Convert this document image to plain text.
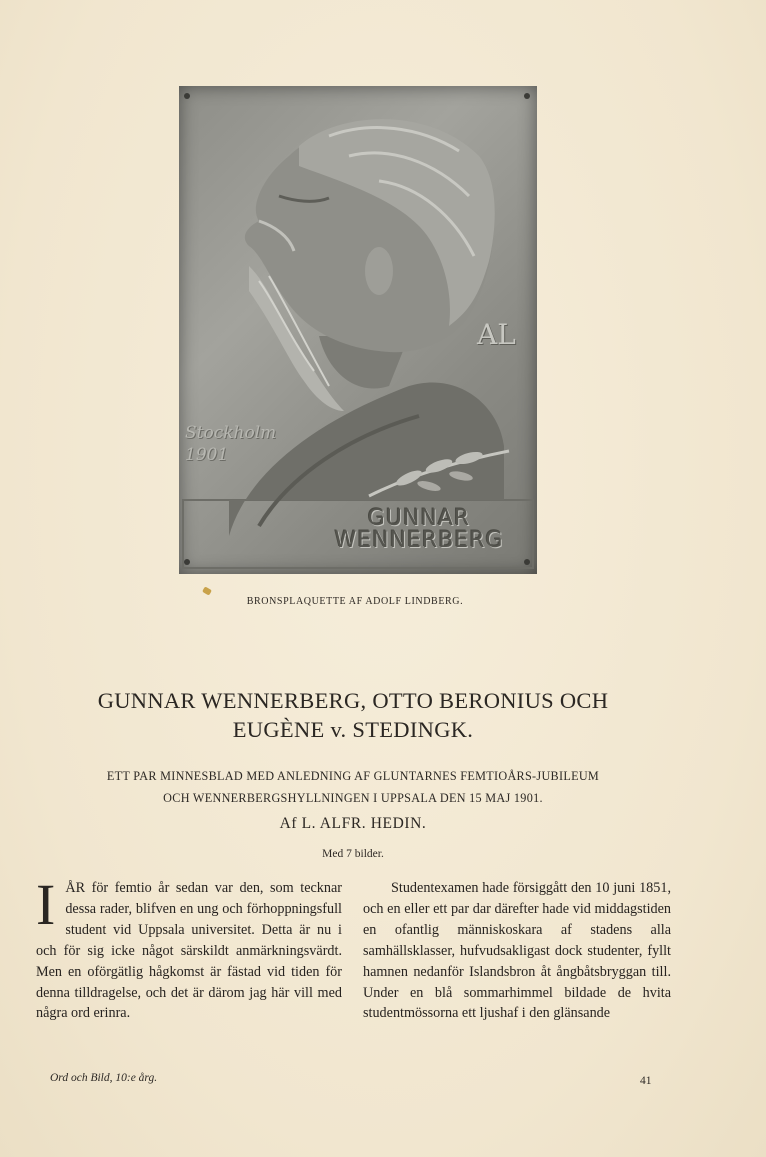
AL
Stockholm
1901
GUNNAR
WENNERBERG
BRONSPLAQUETTE AF ADOLF LINDBERG.
GUNNAR WENNERBERG, OTTO BERONIUS OCH
EUGÈNE v. STEDINGK.
ETT PAR MINNESBLAD MED ANLEDNING AF GLUNTARNES FEMTIOÅRS-JUBILEUM
OCH WENNERBERGSHYLLNINGEN I UPPSALA DEN 15 MAJ 1901.
Af L. ALFR. HEDIN.
Med 7 bilder.
I ÅR för femtio år sedan var den, som tecknar dessa rader, blifven en ung och förhoppningsfull student vid Uppsala universitet. Detta är nu i och för sig icke något särskildt anmärkningsvärdt. Men en oförgätlig hågkomst är fästad vid tiden för denna tilldragelse, och det är därom jag här vill med några ord erinra.
Studentexamen hade försiggått den 10 juni 1851, och en eller ett par dar därefter hade vid middagstiden en ofantlig människoskara af stadens alla samhällsklasser, hufvudsakligast dock studenter, fyllt hamnen nedanför Islandsbron åt ångbåtsbryggan till. Under en blå sommarhimmel bildade de hvita studentmössorna ett ljushaf i den glänsande
Ord och Bild, 10:e årg.	41
